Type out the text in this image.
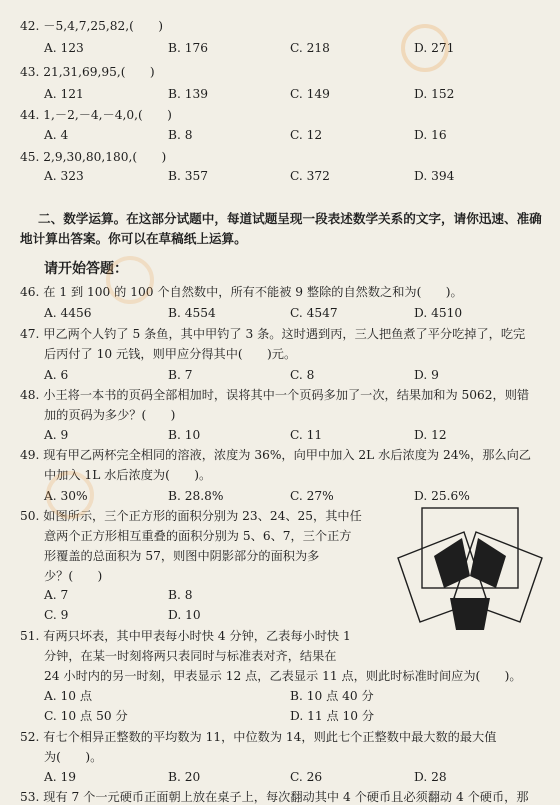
42. －5,4,7,25,82,(　　)
A. 123	B. 176	C. 218	D. 271
43. 21,31,69,95,(　　)
A. 121	B. 139	C. 149	D. 152
44. 1,－2,－4,－4,0,(　　)
A. 4	B. 8	C. 12	D. 16
45. 2,9,30,80,180,(　　)
A. 323	B. 357	C. 372	D. 394
二、数学运算。在这部分试题中，每道试题呈现一段表述数学关系的文字，请你迅速、准确
地计算出答案。你可以在草稿纸上运算。
请开始答题：
46. 在 1 到 100 的 100 个自然数中，所有不能被 9 整除的自然数之和为(　　)。
A. 4456	B. 4554	C. 4547	D. 4510
47. 甲乙两个人钓了 5 条鱼，其中甲钓了 3 条。这时遇到丙，三人把鱼煮了平分吃掉了，吃完
后丙付了 10 元钱，则甲应分得其中(　　)元。
A. 6	B. 7	C. 8	D. 9
48. 小王将一本书的页码全部相加时，误将其中一个页码多加了一次，结果加和为 5062，则错
加的页码为多少？(　　)
A. 9	B. 10	C. 11	D. 12
49. 现有甲乙两杯完全相同的溶液，浓度为 36%，向甲中加入 2L 水后浓度为 24%，那么向乙
中加入 1L 水后浓度为(　　)。
A. 30%	B. 28.8%	C. 27%	D. 25.6%
50. 如图所示，三个正方形的面积分别为 23、24、25，其中任
意两个正方形相互重叠的面积分别为 5、6、7，三个正方
形覆盖的总面积为 57，则图中阴影部分的面积为多
少？(　　)
A. 7	B. 8
C. 9	D. 10
51. 有两只坏表，其中甲表每小时快 4 分钟，乙表每小时快 1
分钟，在某一时刻将两只表同时与标准表对齐，结果在
24 小时内的另一时刻，甲表显示 12 点，乙表显示 11 点，则此时标准时间应为(　　)。
A. 10 点	B. 10 点 40 分
C. 10 点 50 分	D. 11 点 10 分
52. 有七个相异正整数的平均数为 11，中位数为 14，则此七个正整数中最大数的最大值
为(　　)。
A. 19	B. 20	C. 26	D. 28
53. 现有 7 个一元硬币正面朝上放在桌子上，每次翻动其中 4 个硬币且必须翻动 4 个硬币，那
